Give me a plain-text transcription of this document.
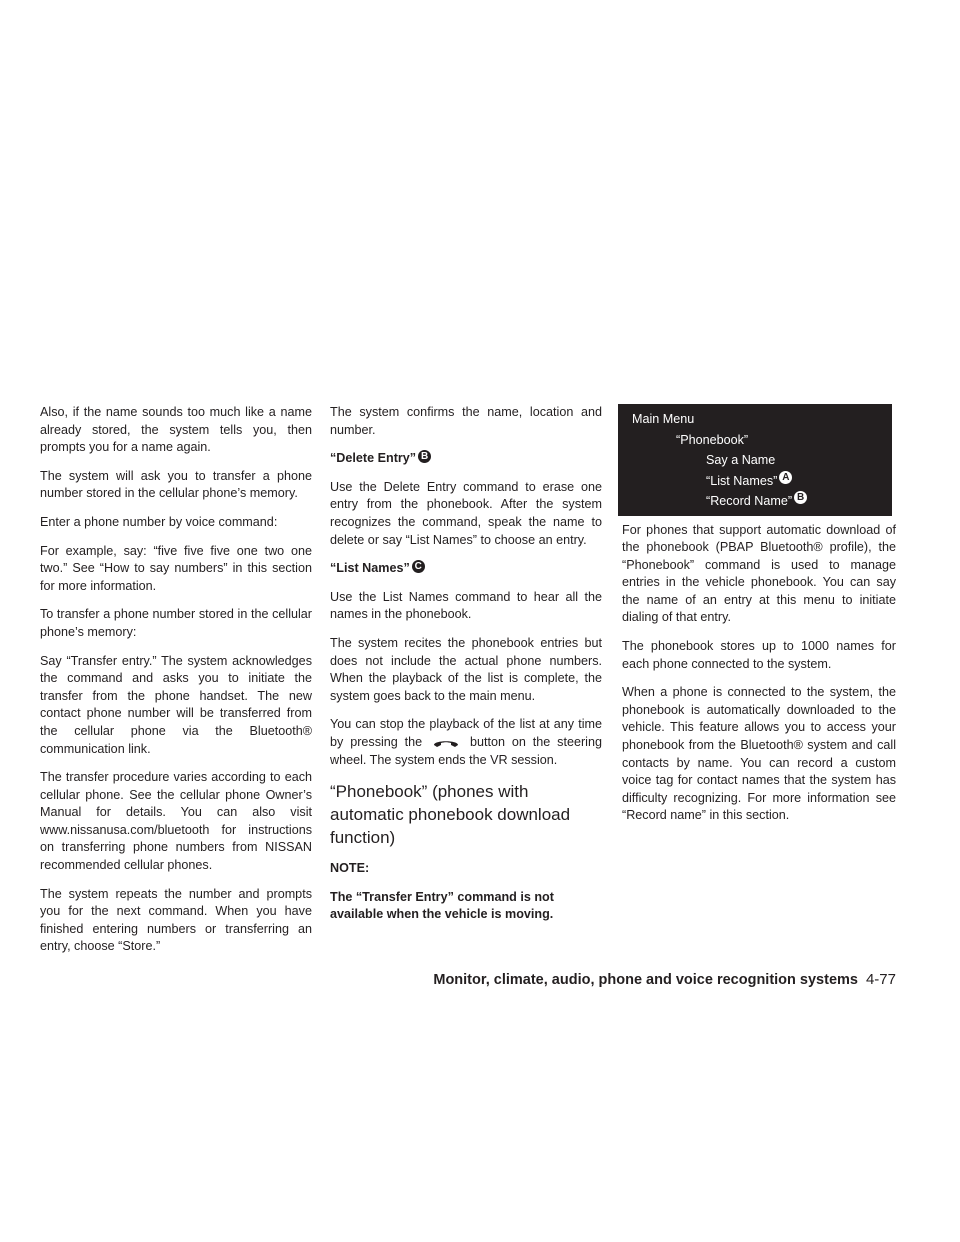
Also, if the name sounds too much like a name already stored, the system tells you, then prompts you for a name again.

The system will ask you to transfer a phone number stored in the cellular phone’s memory.

Enter a phone number by voice command:

For example, say: “five five five one two one two.” See “How to say numbers” in this section for more information.

To transfer a phone number stored in the cellular phone’s memory:

Say “Transfer entry.” The system acknowledges the command and asks you to initiate the transfer from the phone handset. The new contact phone number will be transferred from the cellular phone via the Bluetooth® communication link.

The transfer procedure varies according to each cellular phone. See the cellular phone Owner’s Manual for details. You can also visit www.nissanusa.com/bluetooth for instructions on transferring phone numbers from NISSAN recommended cellular phones.

The system repeats the number and prompts you for the next command. When you have finished entering numbers or transferring an entry, choose “Store.”

The system confirms the name, location and number.

“Delete Entry” B

Use the Delete Entry command to erase one entry from the phonebook. After the system recognizes the command, speak the name to delete or say “List Names” to choose an entry.

“List Names” C

Use the List Names command to hear all the names in the phonebook.

The system recites the phonebook entries but does not include the actual phone numbers. When the playback of the list is complete, the system goes back to the main menu.

You can stop the playback of the list at any time by pressing the	button on the steering wheel. The system ends the VR session.

“Phonebook” (phones with automatic phonebook download function)
NOTE:
The “Transfer Entry” command is not available when the vehicle is moving.
Main Menu
“Phonebook”
Say a Name
“List Names” A
“Record Name” B

For phones that support automatic download of the phonebook (PBAP Bluetooth® profile), the “Phonebook” command is used to manage entries in the vehicle phonebook. You can say the name of an entry at this menu to initiate dialing of that entry.

The phonebook stores up to 1000 names for each phone connected to the system.

When a phone is connected to the system, the phonebook is automatically downloaded to the vehicle. This feature allows you to access your phonebook from the Bluetooth® system and call contacts by name. You can record a custom voice tag for contact names that the system has difficulty recognizing. For more information see “Record name” in this section.

Monitor, climate, audio, phone and voice recognition systems 4-77
